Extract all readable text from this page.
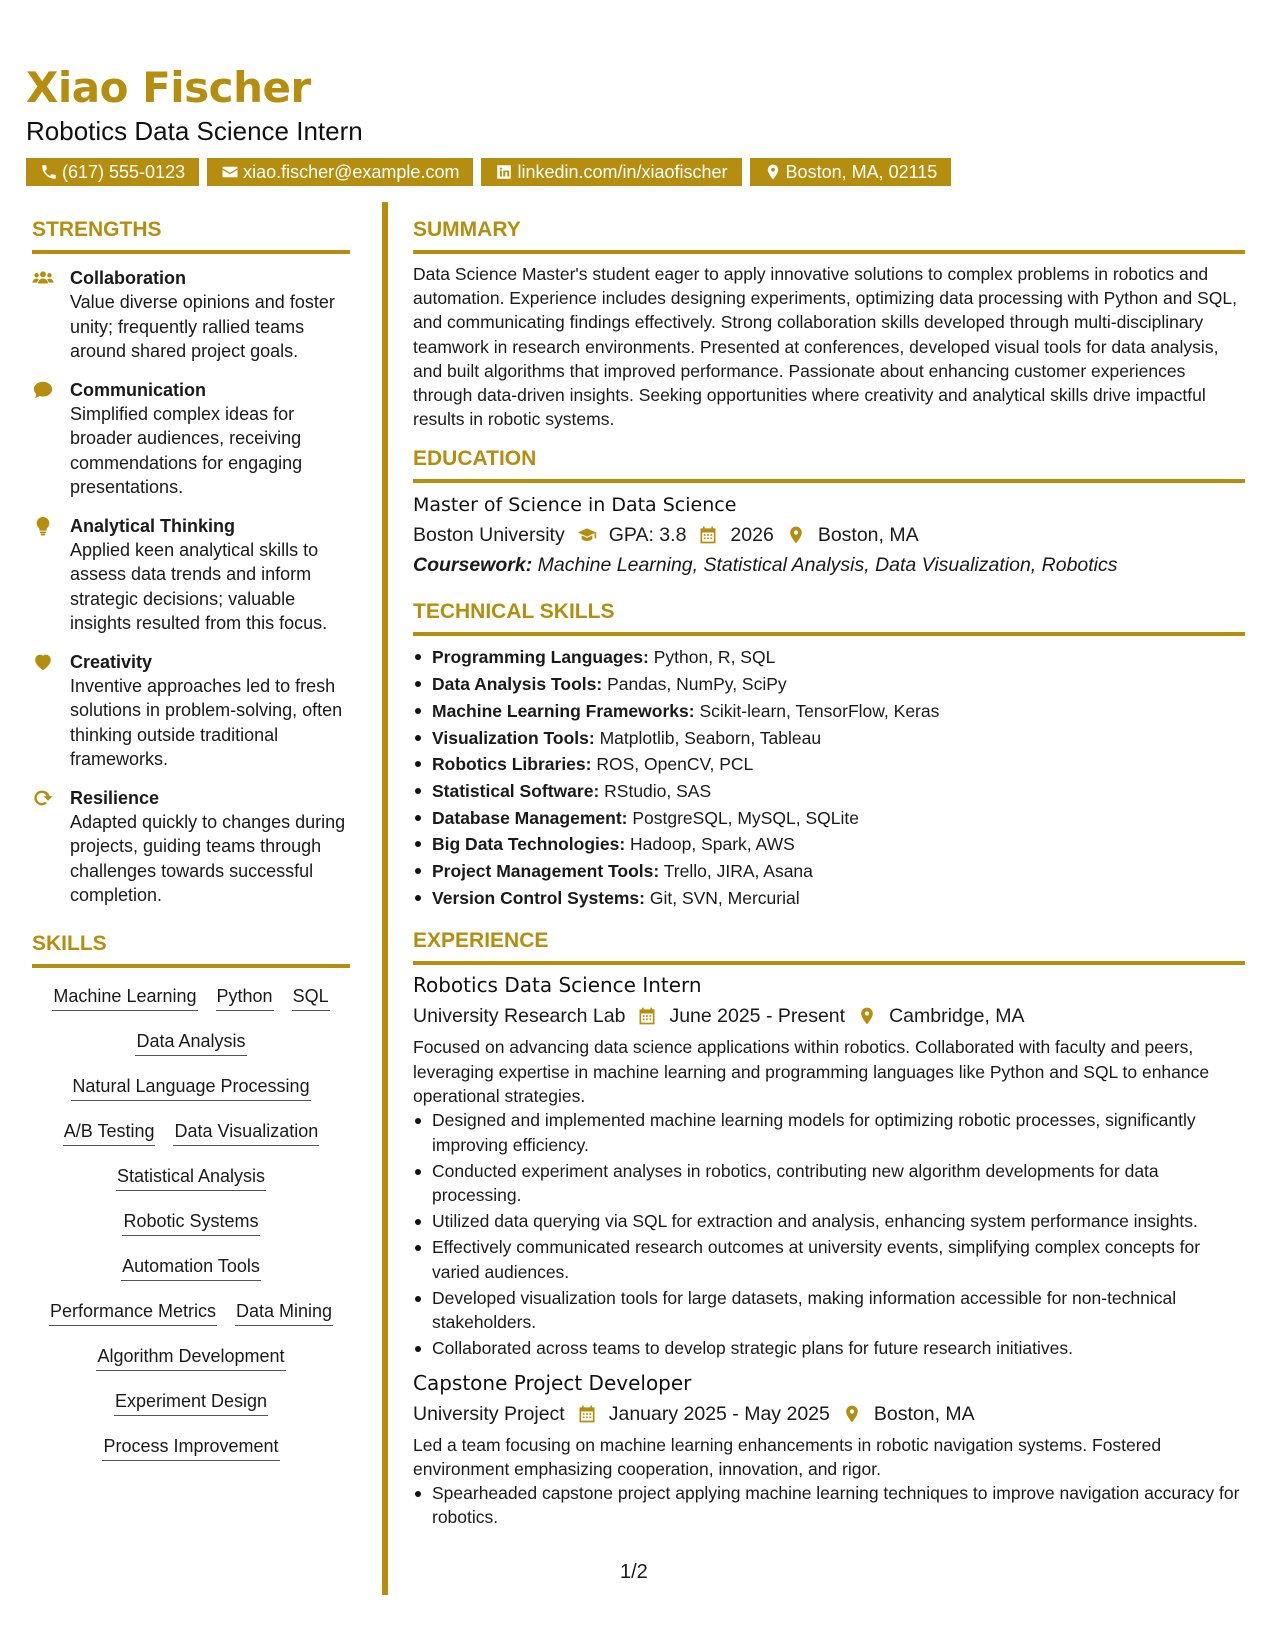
Xiao Fischer
Robotics Data Science Intern
(617) 555-0123	xiao.fischer@example.com	linkedin.com/in/xiaofischer	Boston, MA, 02115
STRENGTHS
Collaboration
Value diverse opinions and foster unity; frequently rallied teams around shared project goals.
Communication
Simplified complex ideas for broader audiences, receiving commendations for engaging presentations.
Analytical Thinking
Applied keen analytical skills to assess data trends and inform strategic decisions; valuable insights resulted from this focus.
Creativity
Inventive approaches led to fresh solutions in problem-solving, often thinking outside traditional frameworks.
Resilience
Adapted quickly to changes during projects, guiding teams through challenges towards successful completion.
SKILLS
Machine Learning Python SQL
Data Analysis
Natural Language Processing
A/B Testing Data Visualization
Statistical Analysis
Robotic Systems
Automation Tools
Performance Metrics Data Mining
Algorithm Development
Experiment Design
Process Improvement
SUMMARY
Data Science Master's student eager to apply innovative solutions to complex problems in robotics and automation. Experience includes designing experiments, optimizing data processing with Python and SQL, and communicating findings effectively. Strong collaboration skills developed through multi-disciplinary teamwork in research environments. Presented at conferences, developed visual tools for data analysis, and built algorithms that improved performance. Passionate about enhancing customer experiences through data-driven insights. Seeking opportunities where creativity and analytical skills drive impactful results in robotic systems.
EDUCATION
Master of Science in Data Science
Boston University GPA: 3.8 2026 Boston, MA
Coursework: Machine Learning, Statistical Analysis, Data Visualization, Robotics
TECHNICAL SKILLS
Programming Languages: Python, R, SQL
Data Analysis Tools: Pandas, NumPy, SciPy
Machine Learning Frameworks: Scikit-learn, TensorFlow, Keras
Visualization Tools: Matplotlib, Seaborn, Tableau
Robotics Libraries: ROS, OpenCV, PCL
Statistical Software: RStudio, SAS
Database Management: PostgreSQL, MySQL, SQLite
Big Data Technologies: Hadoop, Spark, AWS
Project Management Tools: Trello, JIRA, Asana
Version Control Systems: Git, SVN, Mercurial
EXPERIENCE
Robotics Data Science Intern
University Research Lab June 2025 - Present Cambridge, MA
Focused on advancing data science applications within robotics. Collaborated with faculty and peers, leveraging expertise in machine learning and programming languages like Python and SQL to enhance operational strategies.
Designed and implemented machine learning models for optimizing robotic processes, significantly improving efficiency.
Conducted experiment analyses in robotics, contributing new algorithm developments for data processing.
Utilized data querying via SQL for extraction and analysis, enhancing system performance insights.
Effectively communicated research outcomes at university events, simplifying complex concepts for varied audiences.
Developed visualization tools for large datasets, making information accessible for non-technical stakeholders.
Collaborated across teams to develop strategic plans for future research initiatives.
Capstone Project Developer
University Project January 2025 - May 2025 Boston, MA
Led a team focusing on machine learning enhancements in robotic navigation systems. Fostered environment emphasizing cooperation, innovation, and rigor.
Spearheaded capstone project applying machine learning techniques to improve navigation accuracy for robotics.
1/2
